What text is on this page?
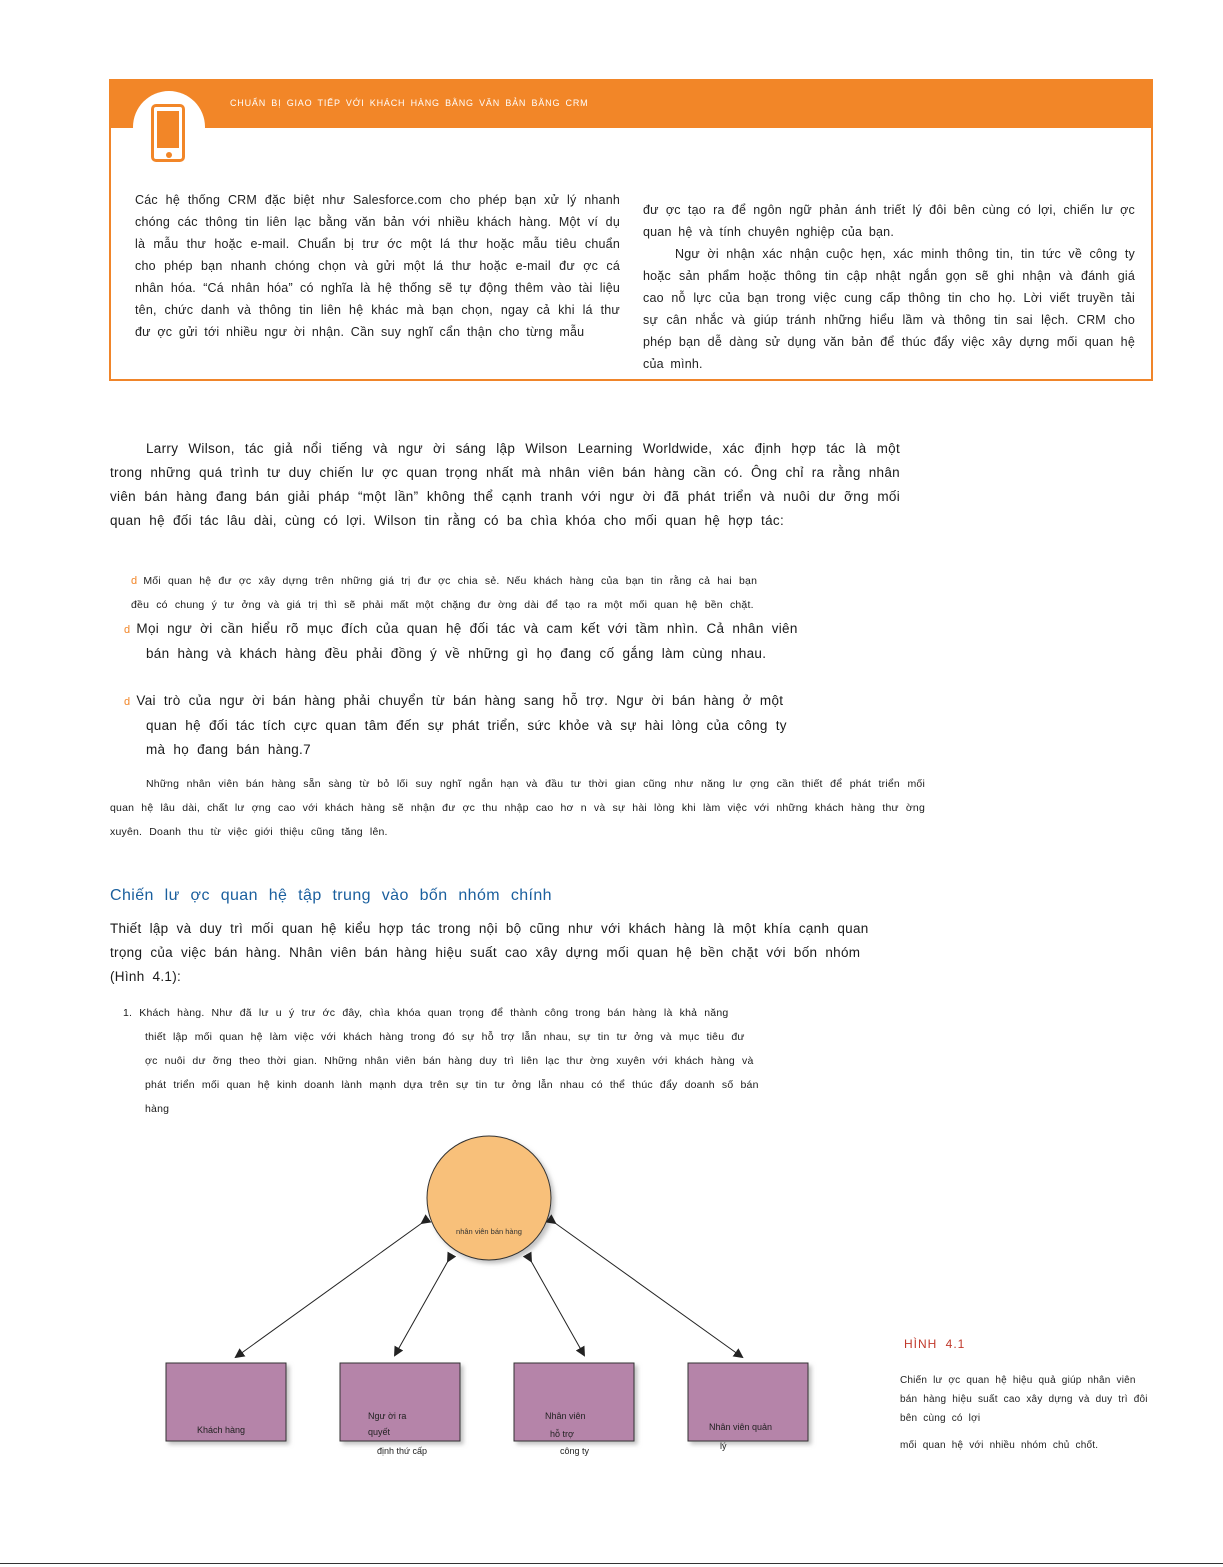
CHUẨN BỊ GIAO TIẾP VỚI KHÁCH HÀNG BẰNG VĂN BẢN BẰNG CRM

Các hệ thống CRM đặc biệt như Salesforce.com cho phép bạn xử lý nhanh chóng các thông tin liên lạc bằng văn bản với nhiều khách hàng. Một ví dụ là mẫu thư hoặc e-mail. Chuẩn bị trư ớc một lá thư hoặc mẫu tiêu chuẩn cho phép bạn nhanh chóng chọn và gửi một lá thư hoặc e-mail đư ợc cá nhân hóa. “Cá nhân hóa” có nghĩa là hệ thống sẽ tự động thêm vào tài liệu tên, chức danh và thông tin liên hệ khác mà bạn chọn, ngay cả khi lá thư đư ợc gửi tới nhiều ngư ời nhận. Cần suy nghĩ cẩn thận cho từng mẫu

đư ợc tạo ra để ngôn ngữ phản ánh triết lý đôi bên cùng có lợi, chiến lư ợc quan hệ và tính chuyên nghiệp của bạn.

Ngư ời nhận xác nhận cuộc hẹn, xác minh thông tin, tin tức về công ty hoặc sản phẩm hoặc thông tin cập nhật ngắn gọn sẽ ghi nhận và đánh giá cao nỗ lực của bạn trong việc cung cấp thông tin cho họ. Lời viết truyền tải sự cân nhắc và giúp tránh những hiểu lầm và thông tin sai lệch. CRM cho phép bạn dễ dàng sử dụng văn bản để thúc đẩy việc xây dựng mối quan hệ của mình.

Larry Wilson, tác giả nổi tiếng và ngư ời sáng lập Wilson Learning Worldwide, xác định hợp tác là một trong những quá trình tư duy chiến lư ợc quan trọng nhất mà nhân viên bán hàng cần có. Ông chỉ ra rằng nhân viên bán hàng đang bán giải pháp “một lần” không thể cạnh tranh với ngư ời đã phát triển và nuôi dư ỡng mối quan hệ đối tác lâu dài, cùng có lợi. Wilson tin rằng có ba chìa khóa cho mối quan hệ hợp tác:
d Mối quan hệ đư ợc xây dựng trên những giá trị đư ợc chia sẻ. Nếu khách hàng của bạn tin rằng cả hai bạn
đều có chung ý tư ởng và giá trị thì sẽ phải mất một chặng đư ờng dài để tạo ra một mối quan hệ bền chặt.
d Mọi ngư ời cần hiểu rõ mục đích của quan hệ đối tác và cam kết với tầm nhìn. Cả nhân viên
bán hàng và khách hàng đều phải đồng ý về những gì họ đang cố gắng làm cùng nhau.
d Vai trò của ngư ời bán hàng phải chuyển từ bán hàng sang hỗ trợ. Ngư ời bán hàng ở một
quan hệ đối tác tích cực quan tâm đến sự phát triển, sức khỏe và sự hài lòng của công ty
mà họ đang bán hàng.7
Những nhân viên bán hàng sẵn sàng từ bỏ lối suy nghĩ ngắn hạn và đầu tư thời gian cũng như năng lư ợng cần thiết để phát triển mối quan hệ lâu dài, chất lư ợng cao với khách hàng sẽ nhận đư ợc thu nhập cao hơ n và sự hài lòng khi làm việc với những khách hàng thư ờng xuyên. Doanh thu từ việc giới thiệu cũng tăng lên.
Chiến lư ợc quan hệ tập trung vào bốn nhóm chính
Thiết lập và duy trì mối quan hệ kiểu hợp tác trong nội bộ cũng như với khách hàng là một khía cạnh quan trọng của việc bán hàng. Nhân viên bán hàng hiệu suất cao xây dựng mối quan hệ bền chặt với bốn nhóm (Hình 4.1):
1. Khách hàng. Như đã lư u ý trư ớc đây, chìa khóa quan trọng để thành công trong bán hàng là khả năng
thiết lập mối quan hệ làm việc với khách hàng trong đó sự hỗ trợ lẫn nhau, sự tin tư ởng và mục tiêu đư
ợc nuôi dư ỡng theo thời gian. Những nhân viên bán hàng duy trì liên lạc thư ờng xuyên với khách hàng và
phát triển mối quan hệ kinh doanh lành mạnh dựa trên sự tin tư ởng lẫn nhau có thể thúc đẩy doanh số bán
hàng
nhân viên bán hàng
Khách hàng
Ngư ời ra
quyết
định thứ cấp
Nhân viên
hỗ trợ
công ty
Nhân viên quản
lý
HÌNH 4.1
Chiến lư ợc quan hệ hiệu quả giúp nhân viên bán hàng hiệu suất cao xây dựng và duy trì đôi bên cùng có lợi
mối quan hệ với nhiều nhóm chủ chốt.
